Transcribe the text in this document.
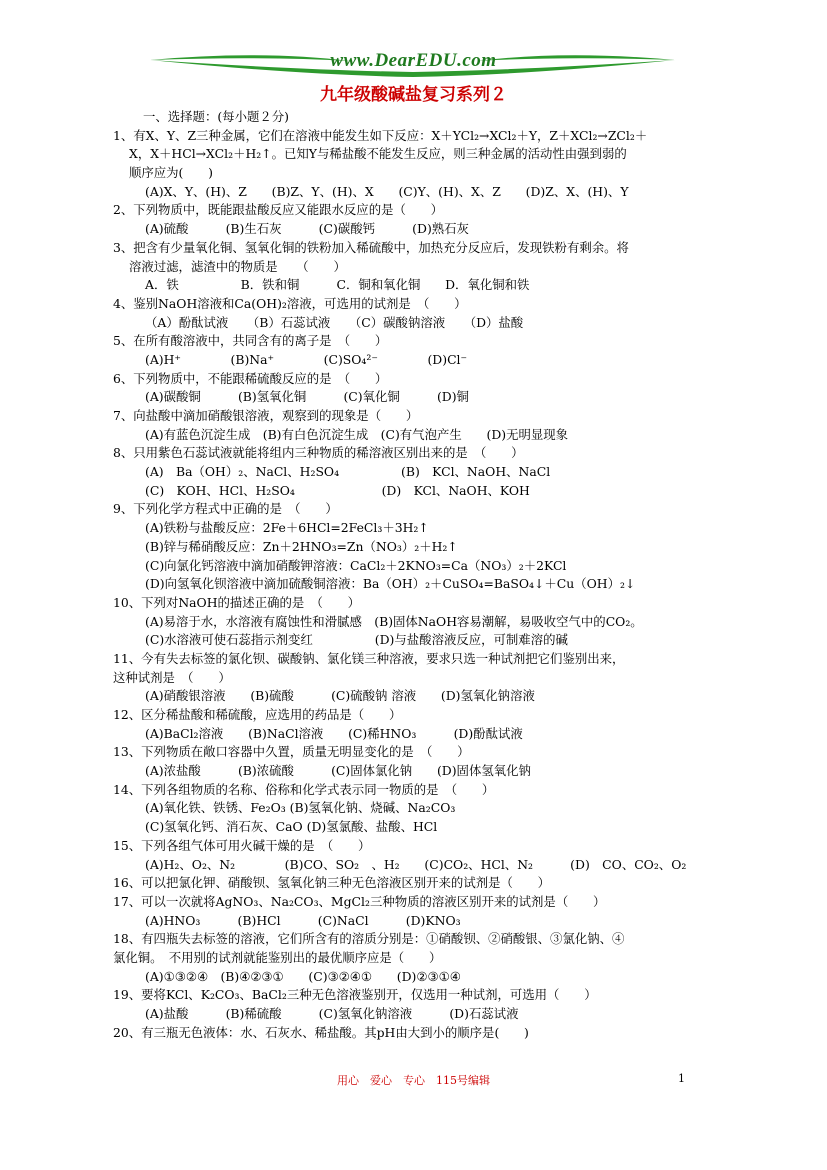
www.DearEDU.com
九年级酸碱盐复习系列２
一、选择题：(每小题２分)
1、有X、Y、Z三种金属，它们在溶液中能发生如下反应：X＋YCl₂→XCl₂＋Y，Z＋XCl₂→ZCl₂＋
X，X＋HCl→XCl₂＋H₂↑。已知Y与稀盐酸不能发生反应，则三种金属的活动性由强到弱的
顺序应为(　　)
(A)X、Y、(H)、Z　　(B)Z、Y、(H)、X　　(C)Y、(H)、X、Z　　(D)Z、X、(H)、Y
2、下列物质中，既能跟盐酸反应又能跟水反应的是（　　）
(A)硫酸　　　(B)生石灰　　　(C)碳酸钙　　　(D)熟石灰
3、把含有少量氧化铜、氢氧化铜的铁粉加入稀硫酸中，加热充分反应后，发现铁粉有剩余。将
溶液过滤，滤渣中的物质是　　（　　）
A．铁　　　　　B．铁和铜　　　C．铜和氧化铜　　D．氧化铜和铁
4、鉴别NaOH溶液和Ca(OH)₂溶液，可选用的试剂是　（　　）
（A）酚酞试液　　（B）石蕊试液　　（C）碳酸钠溶液　　（D）盐酸
5、在所有酸溶液中，共同含有的离子是　（　　）
(A)H⁺　　　　(B)Na⁺　　　　(C)SO₄²⁻　　　　(D)Cl⁻
6、下列物质中，不能跟稀硫酸反应的是　（　　）
(A)碳酸铜　　　(B)氢氧化铜　　　(C)氧化铜　　　(D)铜
7、向盐酸中滴加硝酸银溶液，观察到的现象是（　　）
(A)有蓝色沉淀生成　(B)有白色沉淀生成　(C)有气泡产生　　(D)无明显现象
8、只用紫色石蕊试液就能将组内三种物质的稀溶液区别出来的是　（　　）
(A)　Ba（OH）₂、NaCl、H₂SO₄　　　　　(B)　KCl、NaOH、NaCl
(C)　KOH、HCl、H₂SO₄　　　　　　　(D)　KCl、NaOH、KOH
9、下列化学方程式中正确的是　（　　）
(A)铁粉与盐酸反应：2Fe＋6HCl=2FeCl₃＋3H₂↑
(B)锌与稀硝酸反应：Zn＋2HNO₃=Zn（NO₃）₂＋H₂↑
(C)向氯化钙溶液中滴加硝酸钾溶液：CaCl₂＋2KNO₃=Ca（NO₃）₂＋2KCl
(D)向氢氧化钡溶液中滴加硫酸铜溶液：Ba（OH）₂＋CuSO₄=BaSO₄↓＋Cu（OH）₂↓
10、下列对NaOH的描述正确的是　（　　）
(A)易溶于水，水溶液有腐蚀性和滑腻感　(B)固体NaOH容易潮解，易吸收空气中的CO₂。
(C)水溶液可使石蕊指示剂变红　　　　　(D)与盐酸溶液反应，可制难溶的碱
11、今有失去标签的氯化钡、碳酸钠、氯化镁三种溶液，要求只选一种试剂把它们鉴别出来，
这种试剂是　（　　）
(A)硝酸银溶液　　(B)硫酸　　　(C)硫酸钠 溶液　　(D)氢氧化钠溶液
12、区分稀盐酸和稀硫酸，应选用的药品是（　　）
(A)BaCl₂溶液　　(B)NaCl溶液　　(C)稀HNO₃　　　(D)酚酞试液
13、下列物质在敞口容器中久置，质量无明显变化的是　（　　）
(A)浓盐酸　　　(B)浓硫酸　　　(C)固体氯化钠　　(D)固体氢氧化钠
14、下列各组物质的名称、俗称和化学式表示同一物质的是　（　　）
(A)氧化铁、铁锈、Fe₂O₃ (B)氢氧化钠、烧碱、Na₂CO₃
(C)氢氧化钙、消石灰、CaO (D)氢氯酸、盐酸、HCl
15、下列各组气体可用火碱干燥的是　（　　）
(A)H₂、O₂、N₂　　　　(B)CO、SO₂　、H₂　　(C)CO₂、HCl、N₂　　　(D)　CO、CO₂、O₂
16、可以把氯化钾、硝酸钡、氢氧化钠三种无色溶液区别开来的试剂是（　　）
17、可以一次就将AgNO₃、Na₂CO₃、MgCl₂三种物质的溶液区别开来的试剂是（　　）
(A)HNO₃　　　(B)HCl　　　(C)NaCl　　　(D)KNO₃
18、有四瓶失去标签的溶液，它们所含有的溶质分别是：①硝酸钡、②硝酸银、③氯化钠、④
氯化铜。　不用别的试剂就能鉴别出的最优顺序应是（　　）
(A)①③②④　(B)④②③①　　(C)③②④①　　(D)②③①④
19、要将KCl、K₂CO₃、BaCl₂三种无色溶液鉴别开，仅选用一种试剂，可选用（　　）
(A)盐酸　　　(B)稀硫酸　　　(C)氢氧化钠溶液　　　(D)石蕊试液
20、有三瓶无色液体：水、石灰水、稀盐酸。其pH由大到小的顺序是(　　)
用心　爱心　专心　115号编辑	1
